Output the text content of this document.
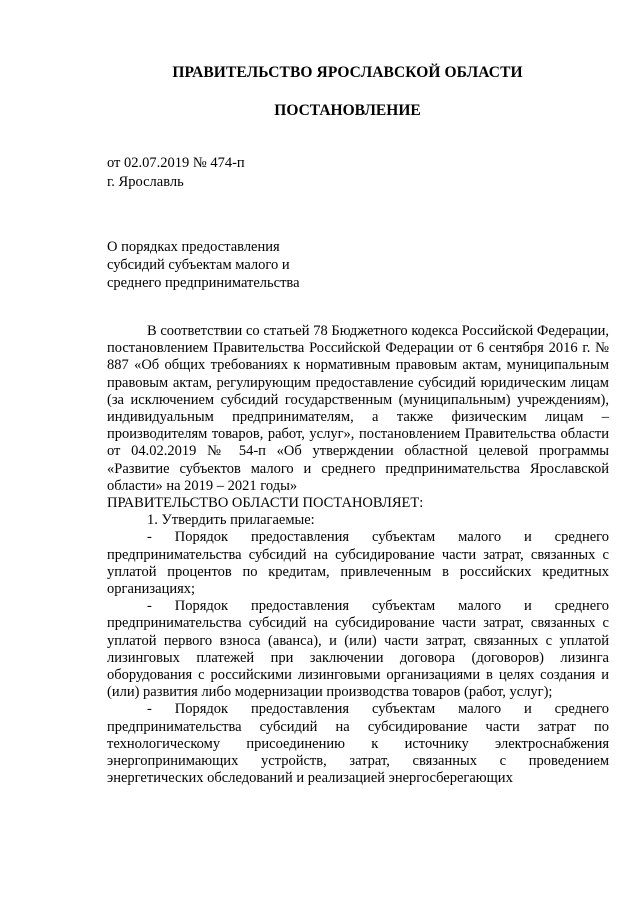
ПРАВИТЕЛЬСТВО ЯРОСЛАВСКОЙ ОБЛАСТИ
ПОСТАНОВЛЕНИЕ
от 02.07.2019 № 474-п
г. Ярославль
О порядках предоставления
субсидий субъектам малого и
среднего предпринимательства

В соответствии со статьей 78 Бюджетного кодекса Российской Федерации, постановлением Правительства Российской Федерации от 6 сентября 2016 г. № 887 «Об общих требованиях к нормативным правовым актам, муниципальным правовым актам, регулирующим предоставление субсидий юридическим лицам (за исключением субсидий государственным (муниципальным) учреждениям), индивидуальным предпринимателям, а также физическим лицам – производителям товаров, работ, услуг», постановлением Правительства области от 04.02.2019 № 54-п «Об утверждении областной целевой программы «Развитие субъектов малого и среднего предпринимательства Ярославской области» на 2019 – 2021 годы»

ПРАВИТЕЛЬСТВО ОБЛАСТИ ПОСТАНОВЛЯЕТ:

1. Утвердить прилагаемые:

- Порядок предоставления субъектам малого и среднего предпринимательства субсидий на субсидирование части затрат, связанных с уплатой процентов по кредитам, привлеченным в российских кредитных организациях;

- Порядок предоставления субъектам малого и среднего предпринимательства субсидий на субсидирование части затрат, связанных с уплатой первого взноса (аванса), и (или) части затрат, связанных с уплатой лизинговых платежей при заключении договора (договоров) лизинга оборудования с российскими лизинговыми организациями в целях создания и (или) развития либо модернизации производства товаров (работ, услуг);

- Порядок предоставления субъектам малого и среднего предпринимательства субсидий на субсидирование части затрат по технологическому присоединению к источнику электроснабжения энергопринимающих устройств, затрат, связанных с проведением энергетических обследований и реализацией энергосберегающих
